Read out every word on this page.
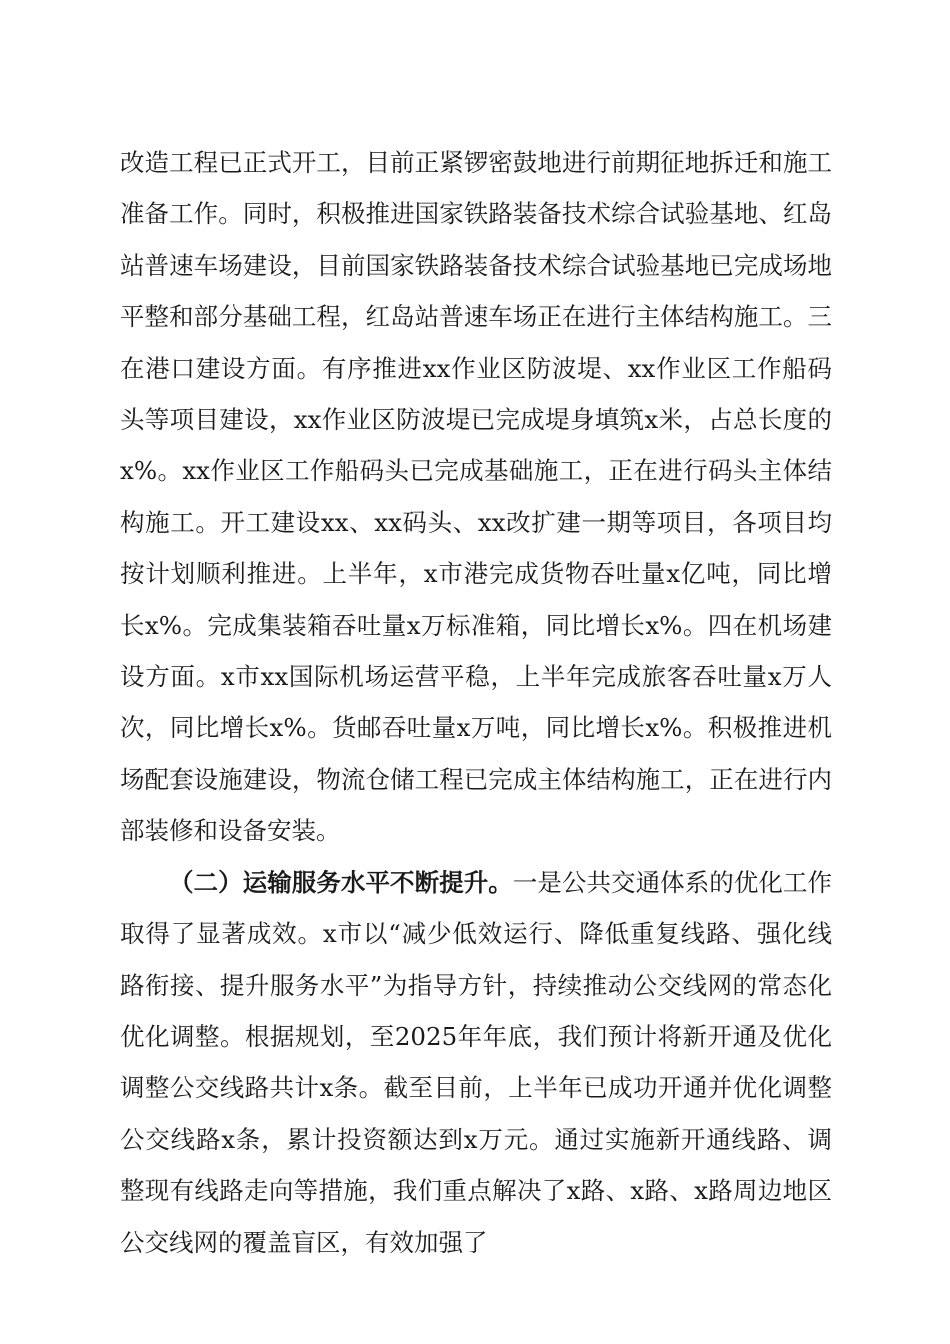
改造工程已正式开工，目前正紧锣密鼓地进行前期征地拆迁和施工准备工作。同时，积极推进国家铁路装备技术综合试验基地、红岛站普速车场建设，目前国家铁路装备技术综合试验基地已完成场地平整和部分基础工程，红岛站普速车场正在进行主体结构施工。三在港口建设方面。有序推进xx作业区防波堤、xx作业区工作船码头等项目建设，xx作业区防波堤已完成堤身填筑x米，占总长度的x%。xx作业区工作船码头已完成基础施工，正在进行码头主体结构施工。开工建设xx、xx码头、xx改扩建一期等项目，各项目均按计划顺利推进。上半年，x市港完成货物吞吐量x亿吨，同比增长x%。完成集装箱吞吐量x万标准箱，同比增长x%。四在机场建设方面。x市xx国际机场运营平稳，上半年完成旅客吞吐量x万人次，同比增长x%。货邮吞吐量x万吨，同比增长x%。积极推进机场配套设施建设，物流仓储工程已完成主体结构施工，正在进行内部装修和设备安装。

（二）运输服务水平不断提升。一是公共交通体系的优化工作取得了显著成效。x市以“减少低效运行、降低重复线路、强化线路衔接、提升服务水平”为指导方针，持续推动公交线网的常态化优化调整。根据规划，至2025年年底，我们预计将新开通及优化调整公交线路共计x条。截至目前，上半年已成功开通并优化调整公交线路x条，累计投资额达到x万元。通过实施新开通线路、调整现有线路走向等措施，我们重点解决了x路、x路、x路周边地区公交线网的覆盖盲区，有效加强了
